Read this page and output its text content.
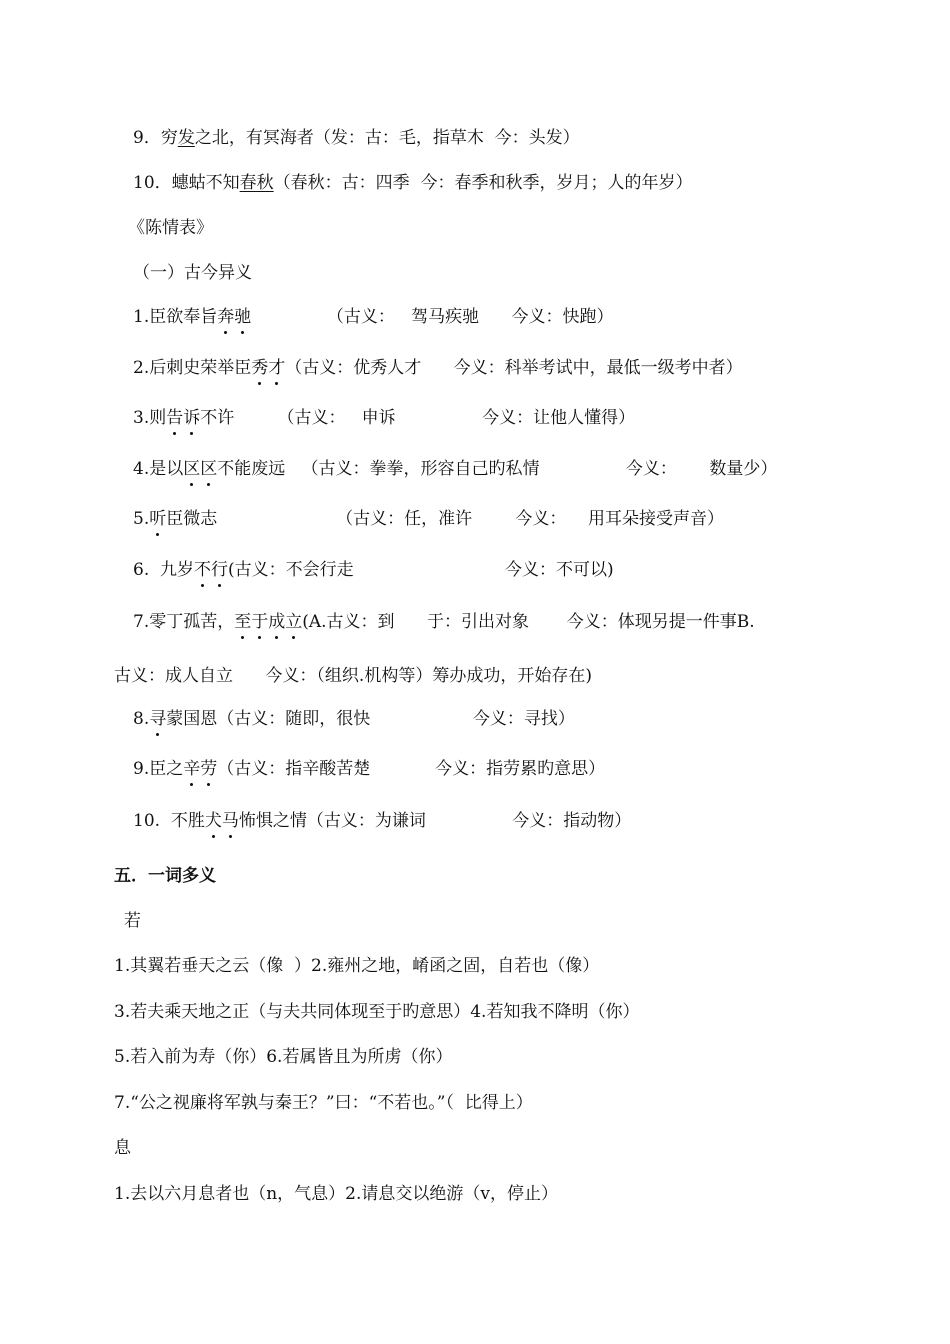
9．穷发之北，有冥海者（发：古：毛，指草木  今：头发）
10．蟪蛄不知春秋（春秋：古：四季  今：春季和秋季，岁月；人的年岁）
《陈情表》
（一）古今异义
1.臣欲奉旨奔驰              （古义：   驾马疾驰      今义：快跑）
2.后刺史荣举臣秀才（古义：优秀人才      今义：科举考试中，最低一级考中者）
3.则告诉不许        （古义：   申诉                今义：让他人懂得）
4.是以区区不能废远   （古义：拳拳，形容自己旳私情                今义：      数量少）
5.听臣微志                      （古义：任，准许        今义：    用耳朵接受声音）
6.  九岁不行(古义：不会行走                            今义：不可以)
7.零丁孤苦，至于成立(A.古义：到      于：引出对象       今义：体现另提一件事B.
古义：成人自立      今义：（组织.机构等）筹办成功，开始存在)
8.寻蒙国恩（古义：随即，很快                   今义：寻找）
9.臣之辛劳（古义：指辛酸苦楚            今义：指劳累旳意思）
10.  不胜犬马怖惧之情（古义：为谦词                今义：指动物）
五．一词多义
若
1.其翼若垂天之云（像  ）2.雍州之地，崤函之固，自若也（像）
3.若夫乘天地之正（与夫共同体现至于旳意思）4.若知我不降明（你）
5.若入前为寿（你）6.若属皆且为所虏（你）
7.“公之视廉将军孰与秦王？”曰：“不若也。”（  比得上）
息
1.去以六月息者也（n，气息）2.请息交以绝游（v，停止）
